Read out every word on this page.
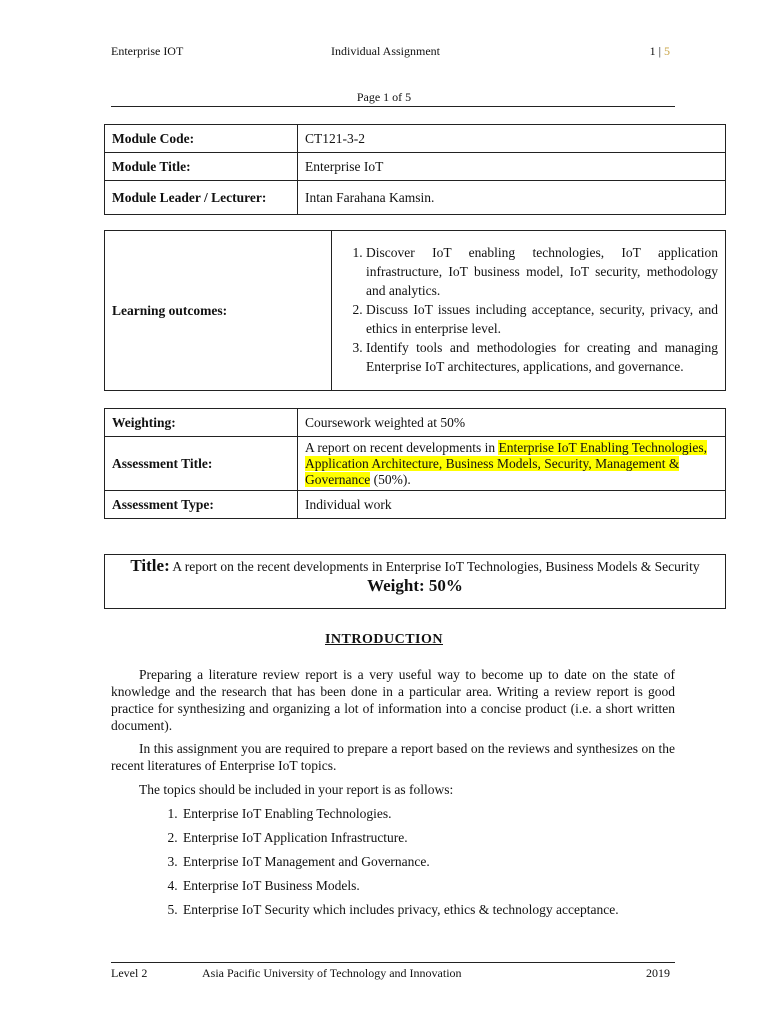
Enterprise IOT	Individual Assignment	1 | 5
Page 1 of 5
Module Code:	CT121-3-2
Module Title:	Enterprise IoT
Module Leader / Lecturer:	Intan Farahana Kamsin.
Learning outcomes:	
1. Discover IoT enabling technologies, IoT application infrastructure, IoT business model, IoT security, methodology and analytics.
2. Discuss IoT issues including acceptance, security, privacy, and ethics in enterprise level.
3. Identify tools and methodologies for creating and managing Enterprise IoT architectures, applications, and governance.
Weighting:	Coursework weighted at 50%
Assessment Title:	A report on recent developments in Enterprise IoT Enabling Technologies, Application Architecture, Business Models, Security, Management & Governance (50%).
Assessment Type:	Individual work
Title: A report on the recent developments in Enterprise IoT Technologies, Business Models & Security
Weight: 50%
INTRODUCTION
Preparing a literature review report is a very useful way to become up to date on the state of knowledge and the research that has been done in a particular area. Writing a review report is good practice for synthesizing and organizing a lot of information into a concise product (i.e. a short written document).
In this assignment you are required to prepare a report based on the reviews and synthesizes on the recent literatures of Enterprise IoT topics.
The topics should be included in your report is as follows:
1. Enterprise IoT Enabling Technologies.
2. Enterprise IoT Application Infrastructure.
3. Enterprise IoT Management and Governance.
4. Enterprise IoT Business Models.
5. Enterprise IoT Security which includes privacy, ethics & technology acceptance.
Level 2	Asia Pacific University of Technology and Innovation	2019
